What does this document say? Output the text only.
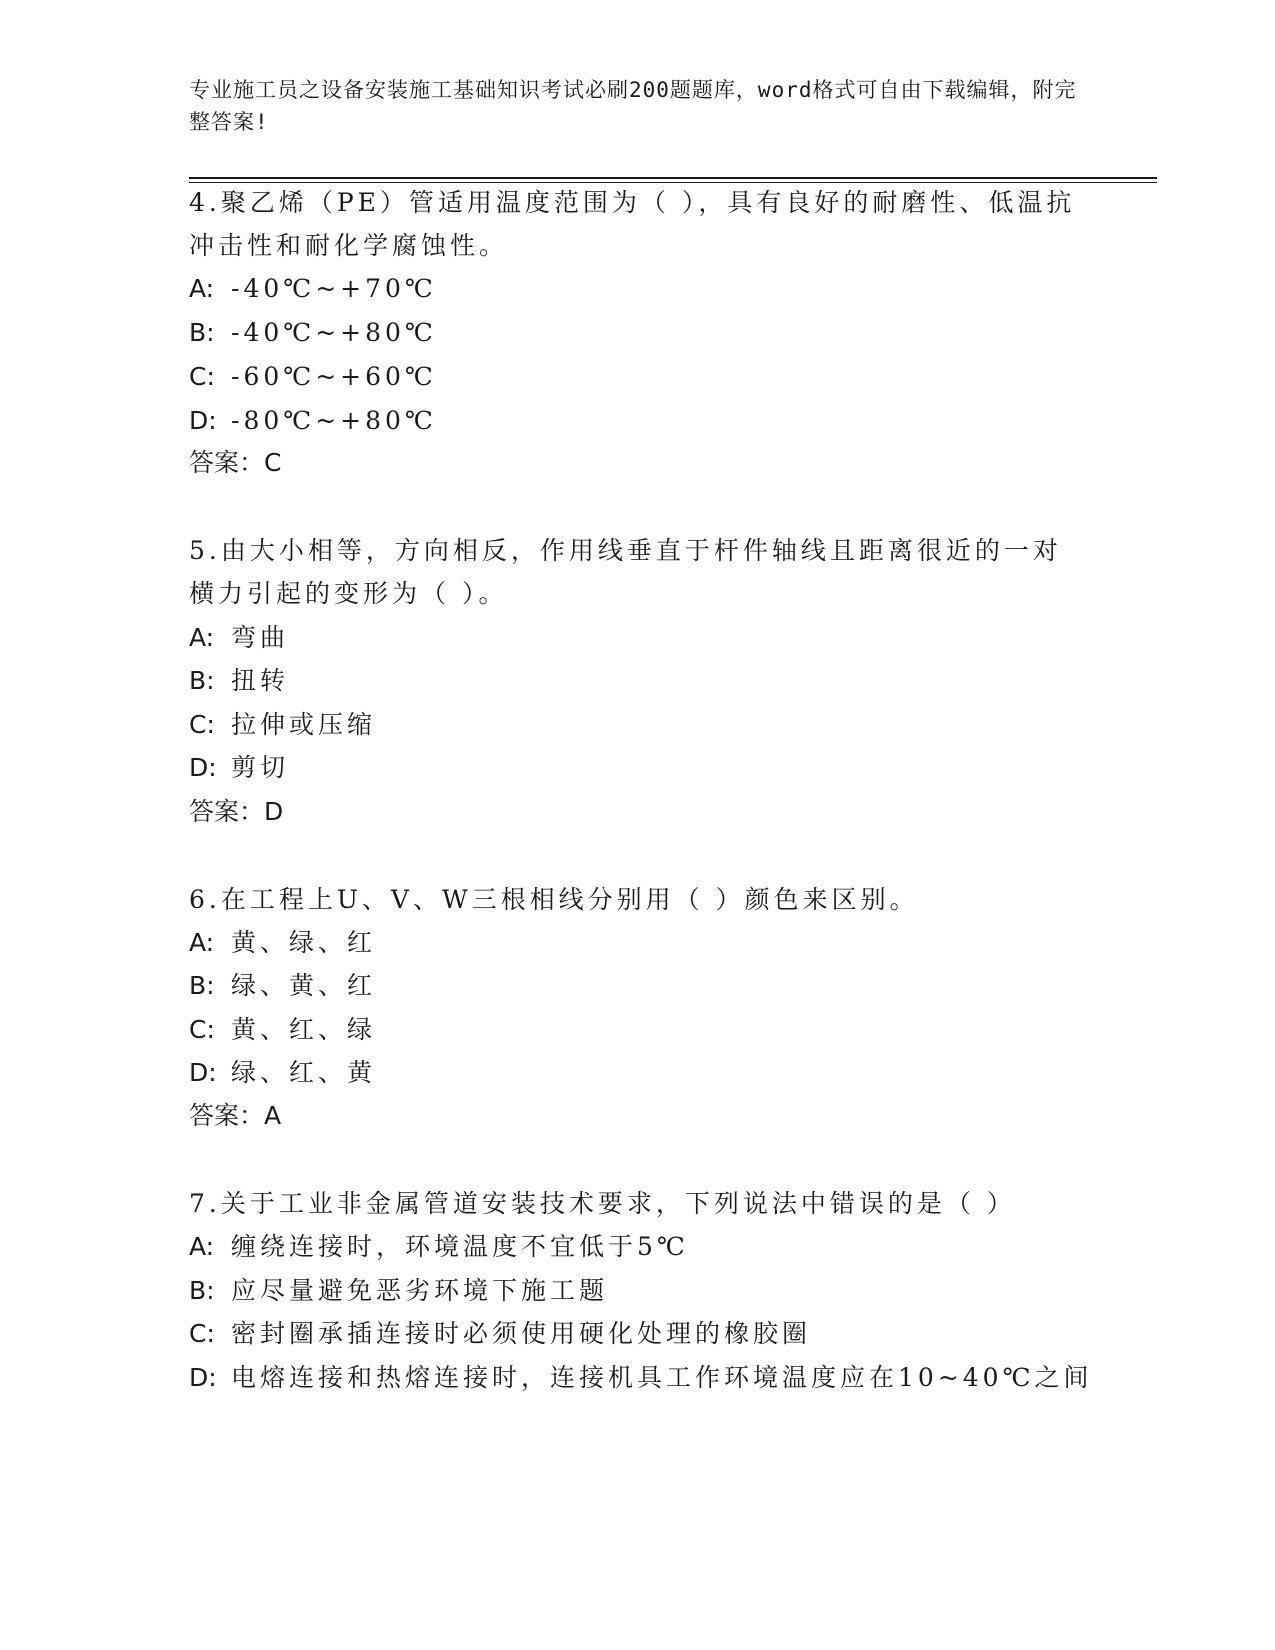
专业施工员之设备安装施工基础知识考试必刷200题题库，word格式可自由下载编辑，附完整答案!
4.聚乙烯（PE）管适用温度范围为（ ），具有良好的耐磨性、低温抗
冲击性和耐化学腐蚀性。
A: -40℃~+70℃
B: -40℃~+80℃
C: -60℃~+60℃
D: -80℃~+80℃
答案：C
5.由大小相等，方向相反，作用线垂直于杆件轴线且距离很近的一对
横力引起的变形为（ ）。
A: 弯曲
B: 扭转
C: 拉伸或压缩
D: 剪切
答案：D
6.在工程上U、V、W三根相线分别用（ ）颜色来区别。
A: 黄、绿、红
B: 绿、黄、红
C: 黄、红、绿
D: 绿、红、黄
答案：A
7.关于工业非金属管道安装技术要求，下列说法中错误的是（ ）
A: 缠绕连接时，环境温度不宜低于5℃
B: 应尽量避免恶劣环境下施工题
C: 密封圈承插连接时必须使用硬化处理的橡胶圈
D: 电熔连接和热熔连接时，连接机具工作环境温度应在10~40℃之间
